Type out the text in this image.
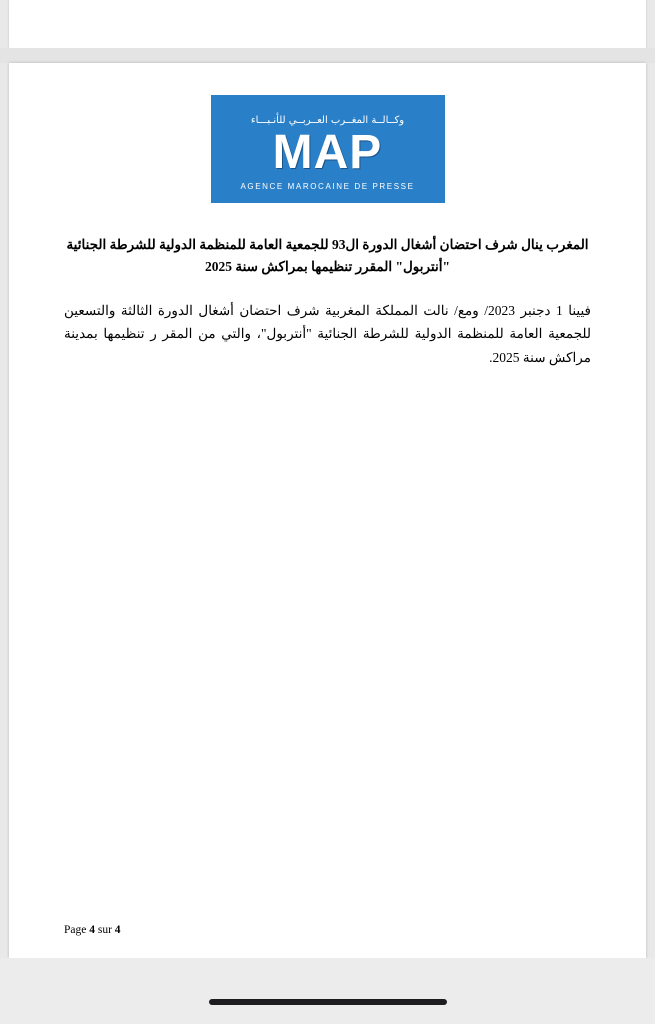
وكــالــة المغــرب العــربــي للأنـبـــاء
MAP
AGENCE MAROCAINE DE PRESSE
المغرب ينال شرف احتضان أشغال الدورة ال93 للجمعية العامة للمنظمة الدولية للشرطة الجنائية "أنتربول" المقرر تنظيمها بمراكش سنة 2025

فيينا 1 دجنبر 2023/ ومع/ نالت المملكة المغربية شرف احتضان أشغال الدورة الثالثة والتسعين للجمعية العامة للمنظمة الدولية للشرطة الجنائية "أنتربول"، والتي من المقر ر تنظيمها بمدينة مراكش سنة 2025.

Page 4 sur 4
